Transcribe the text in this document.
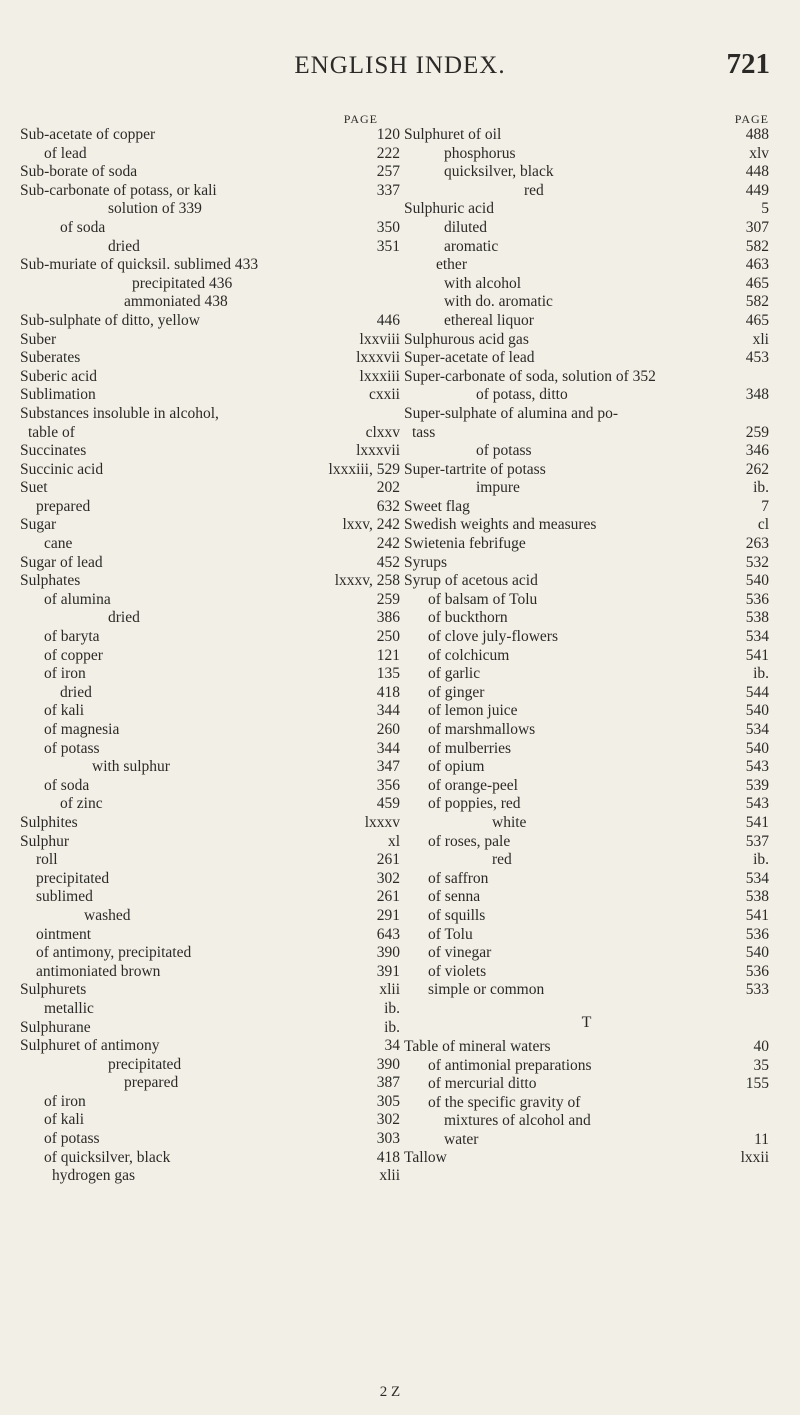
ENGLISH INDEX.	721
PAGE
Sub-acetate of copper	120
of lead	222
Sub-borate of soda	257
Sub-carbonate of potass, or kali	337
solution of 339
of soda	350
dried	351
Sub-muriate of quicksil. sublimed 433
precipitated 436
ammoniated 438
Sub-sulphate of ditto, yellow	446
Suber	lxxviii
Suberates	lxxxvii
Suberic acid	lxxxiii
Sublimation	cxxii
Substances insoluble in alcohol,
table of	clxxv
Succinates	lxxxvii
Succinic acid	lxxxiii, 529
Suet	202
prepared	632
Sugar	lxxv, 242
cane	242
Sugar of lead	452
Sulphates	lxxxv, 258
of alumina	259
dried	386
of baryta	250
of copper	121
of iron	135
dried	418
of kali	344
of magnesia	260
of potass	344
with sulphur	347
of soda	356
of zinc	459
Sulphites	lxxxv
Sulphur	xl
roll	261
precipitated	302
sublimed	261
washed	291
ointment	643
of antimony, precipitated	390
antimoniated brown	391
Sulphurets	xlii
metallic	ib.
Sulphurane	ib.
Sulphuret of antimony	34
precipitated	390
prepared	387
of iron	305
of kali	302
of potass	303
of quicksilver, black	418
hydrogen gas	xlii
PAGE
Sulphuret of oil	488
phosphorus	xlv
quicksilver, black	448
red	449
Sulphuric acid	5
diluted	307
aromatic	582
ether	463
with alcohol	465
with do. aromatic	582
ethereal liquor	465
Sulphurous acid gas	xli
Super-acetate of lead	453
Super-carbonate of soda, solution of 352
of potass, ditto	348
Super-sulphate of alumina and po-
tass	259
of potass	346
Super-tartrite of potass	262
impure	ib.
Sweet flag	7
Swedish weights and measures	cl
Swietenia febrifuge	263
Syrups	532
Syrup of acetous acid	540
of balsam of Tolu	536
of buckthorn	538
of clove july-flowers	534
of colchicum	541
of garlic	ib.
of ginger	544
of lemon juice	540
of marshmallows	534
of mulberries	540
of opium	543
of orange-peel	539
of poppies, red	543
white	541
of roses, pale	537
red	ib.
of saffron	534
of senna	538
of squills	541
of Tolu	536
of vinegar	540
of violets	536
simple or common	533
T
Table of mineral waters	40
of antimonial preparations	35
of mercurial ditto	155
of the specific gravity of
mixtures of alcohol and
water	11
Tallow	lxxii
2 Z
